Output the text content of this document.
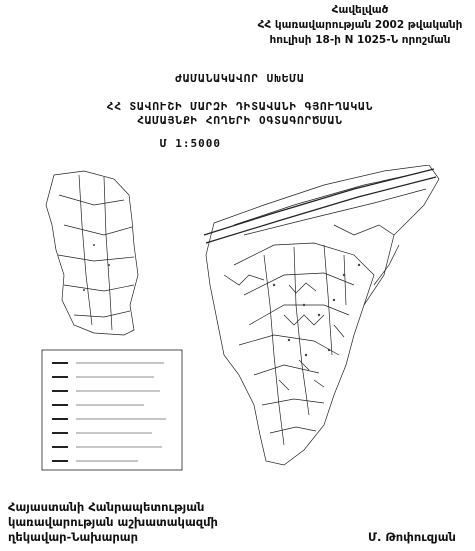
Հավելված
ՀՀ կառավարության 2002 թվականի
հուլիսի 18-ի N 1025-Ն որոշման
ԺԱՄԱՆԱԿԱՎՈՐ ՍԽԵՄԱ
ՀՀ ՏԱՎՈՒՇԻ ՄԱՐԶԻ ԴԻՏԱՎԱՆԻ ԳՅՈՒՂԱԿԱՆ
ՀԱՄԱՅՆՔԻ ՀՈՂԵՐԻ ՕԳՏԱԳՈՐԾՄԱՆ
Մ 1:5000
Հայաստանի Հանրապետության
կառավարության աշխատակազմի
ղեկավար-Նախարար	Մ. Թոփուզյան
